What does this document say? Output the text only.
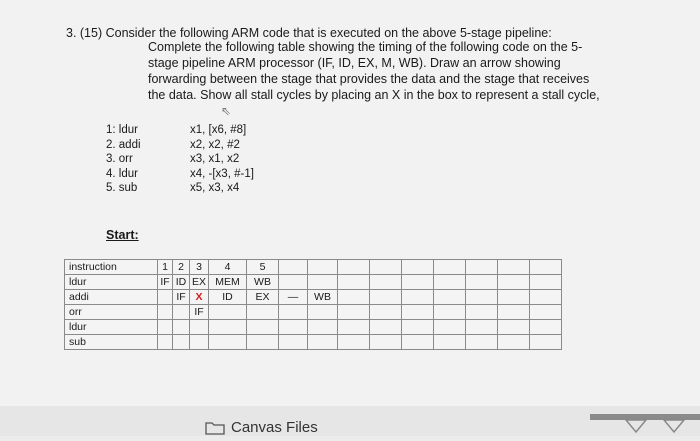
3. (15) Consider the following ARM code that is executed on the above 5-stage pipeline:
Complete the following table showing the timing of the following code on the 5-
stage pipeline ARM processor (IF, ID, EX, M, WB). Draw an arrow showing
forwarding between the stage that provides the data and the stage that receives
the data. Show all stall cycles by placing an X in the box to represent a stall cycle,
⇖
1: ldur	x1, [x6, #8]
2. addi	x2, x2, #2
3. orr	x3, x1, x2
4. ldur	x4, -[x3, #-1]
5. sub	x5, x3, x4
Start:
instruction	1	2	3	4	5									
ldur	IF	ID	EX	MEM	WB									
addi		IF	X	ID	EX	—	WB							
orr			IF											
ldur														
sub														
Canvas Files
